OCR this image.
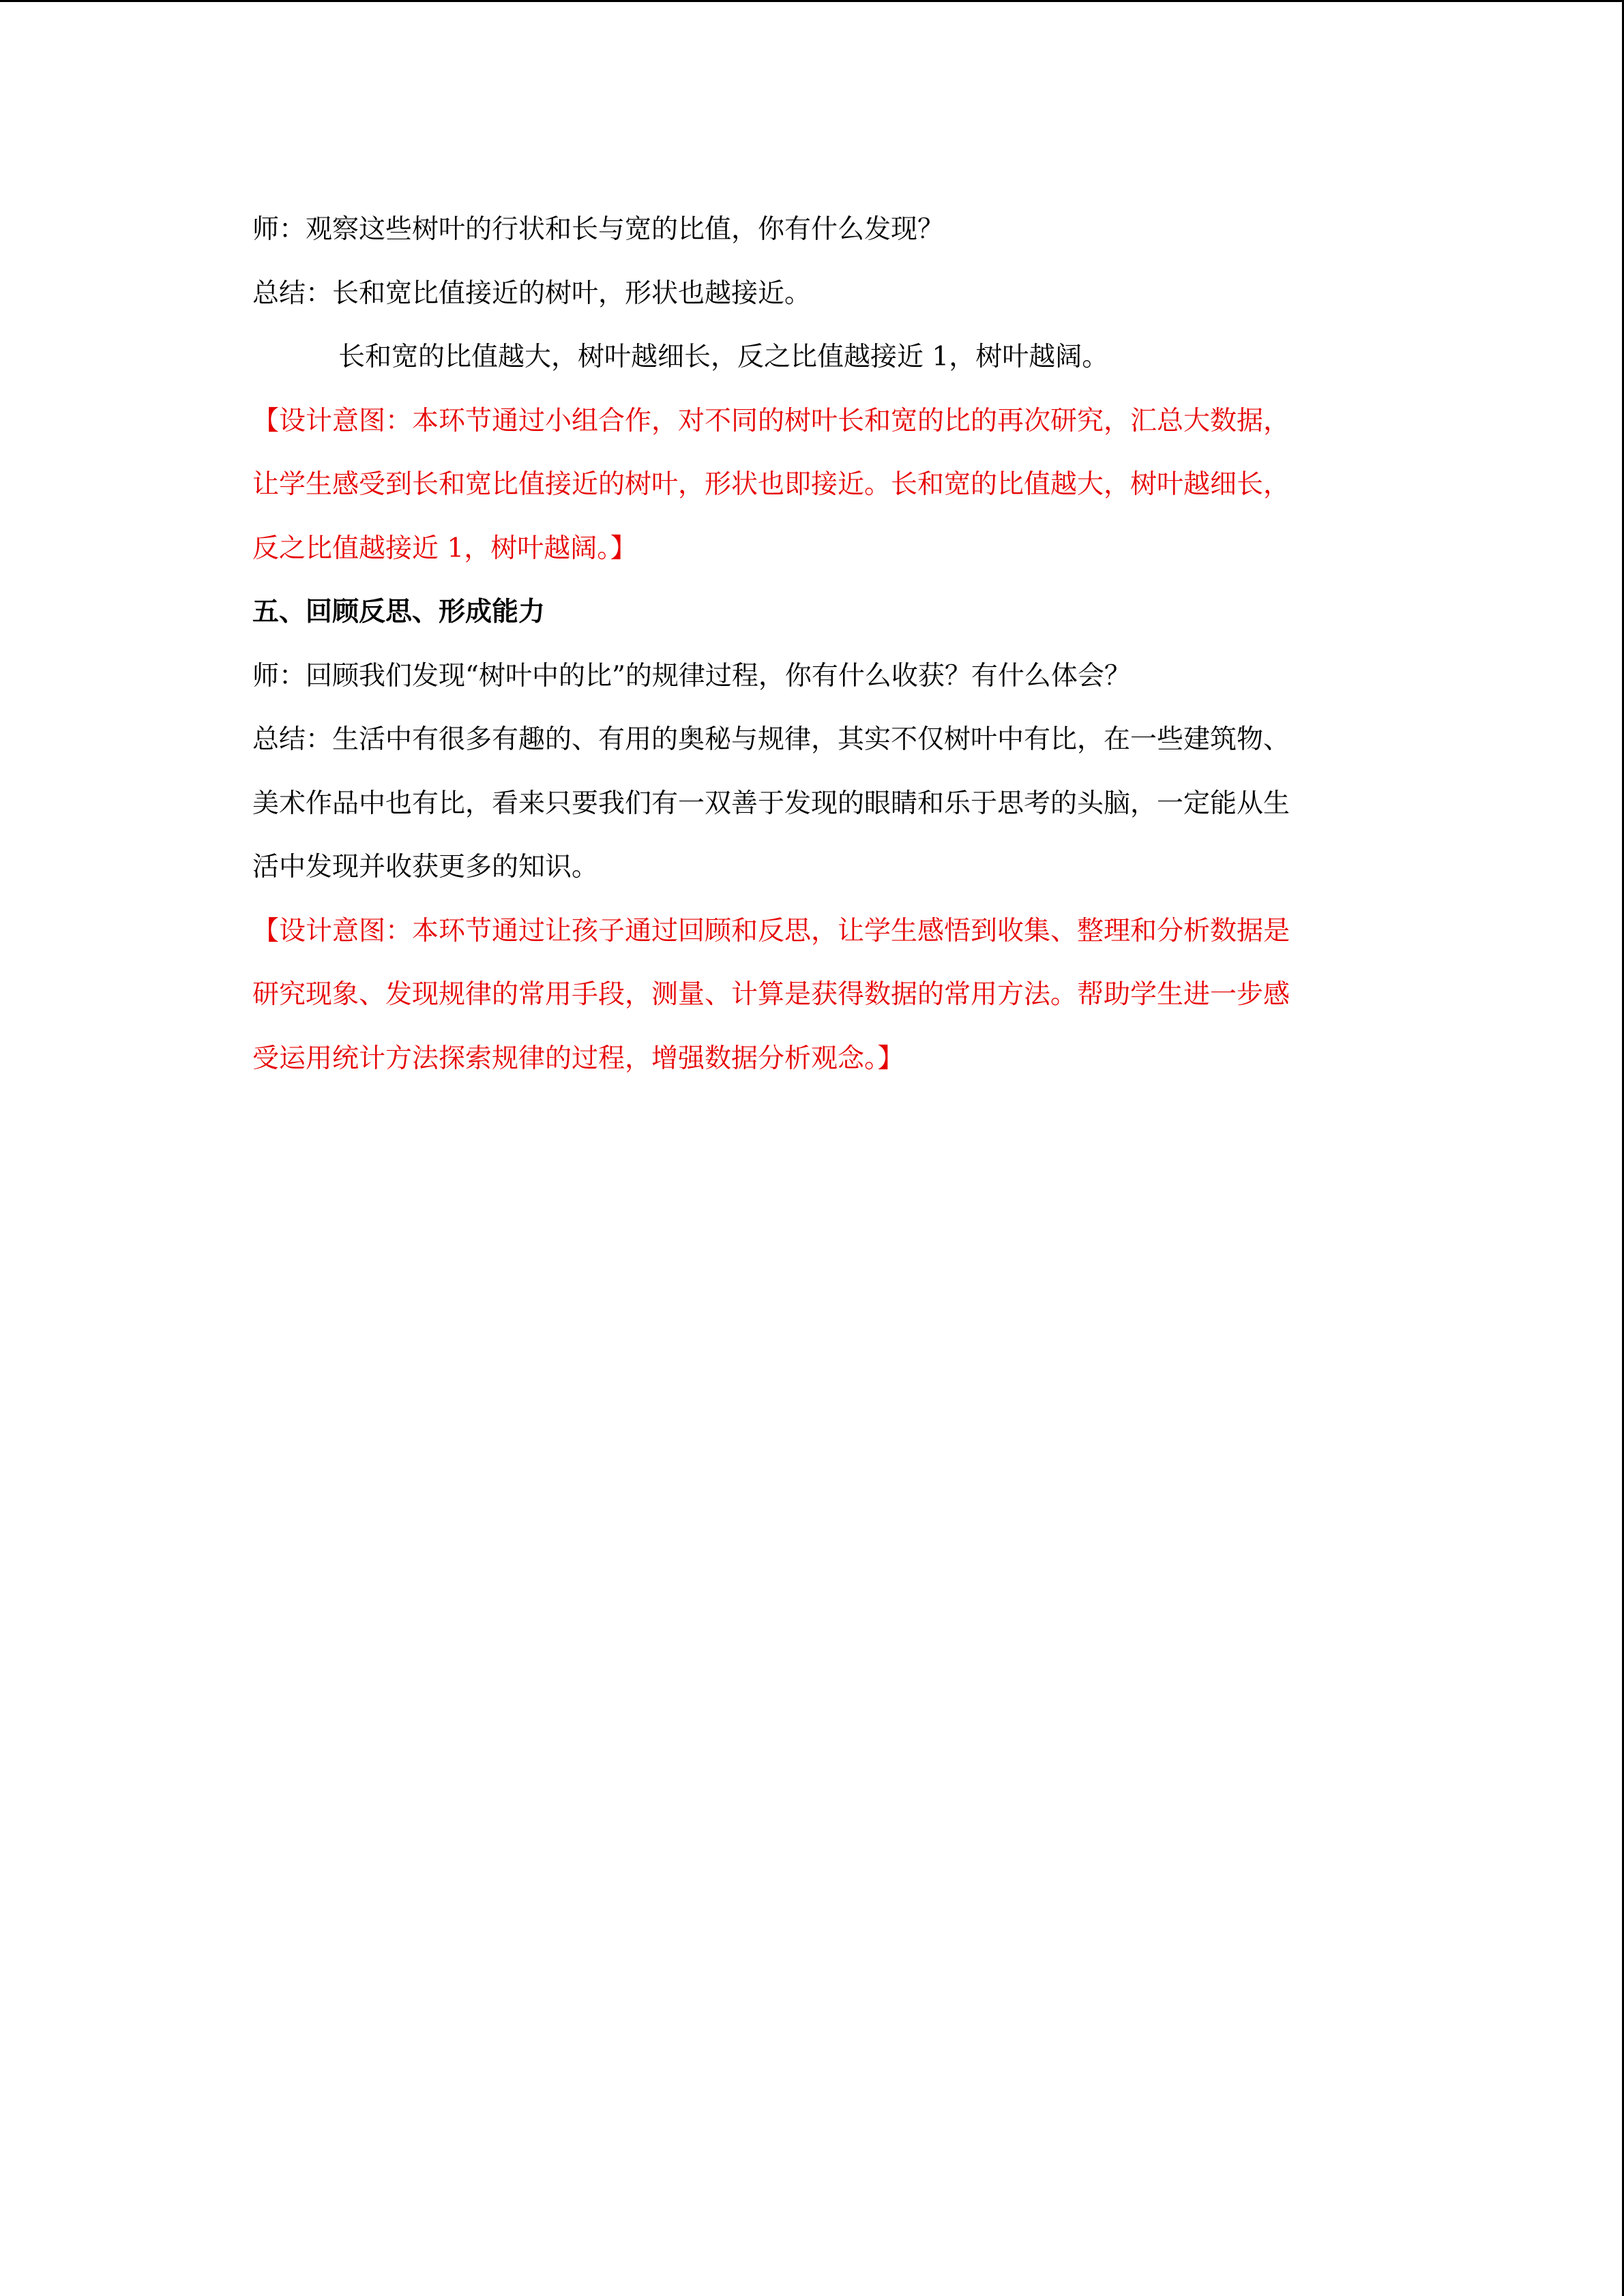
师：观察这些树叶的行状和长与宽的比值，你有什么发现？
总结：长和宽比值接近的树叶，形状也越接近。
长和宽的比值越大，树叶越细长，反之比值越接近 1，树叶越阔。
【设计意图：本环节通过小组合作，对不同的树叶长和宽的比的再次研究，汇总大数据，
让学生感受到长和宽比值接近的树叶，形状也即接近。长和宽的比值越大，树叶越细长，
反之比值越接近 1，树叶越阔。】
五、回顾反思、形成能力
师：回顾我们发现“树叶中的比”的规律过程，你有什么收获？有什么体会？
总结：生活中有很多有趣的、有用的奥秘与规律，其实不仅树叶中有比，在一些建筑物、
美术作品中也有比，看来只要我们有一双善于发现的眼睛和乐于思考的头脑，一定能从生
活中发现并收获更多的知识。
【设计意图：本环节通过让孩子通过回顾和反思，让学生感悟到收集、整理和分析数据是
研究现象、发现规律的常用手段，测量、计算是获得数据的常用方法。帮助学生进一步感
受运用统计方法探索规律的过程，增强数据分析观念。】
